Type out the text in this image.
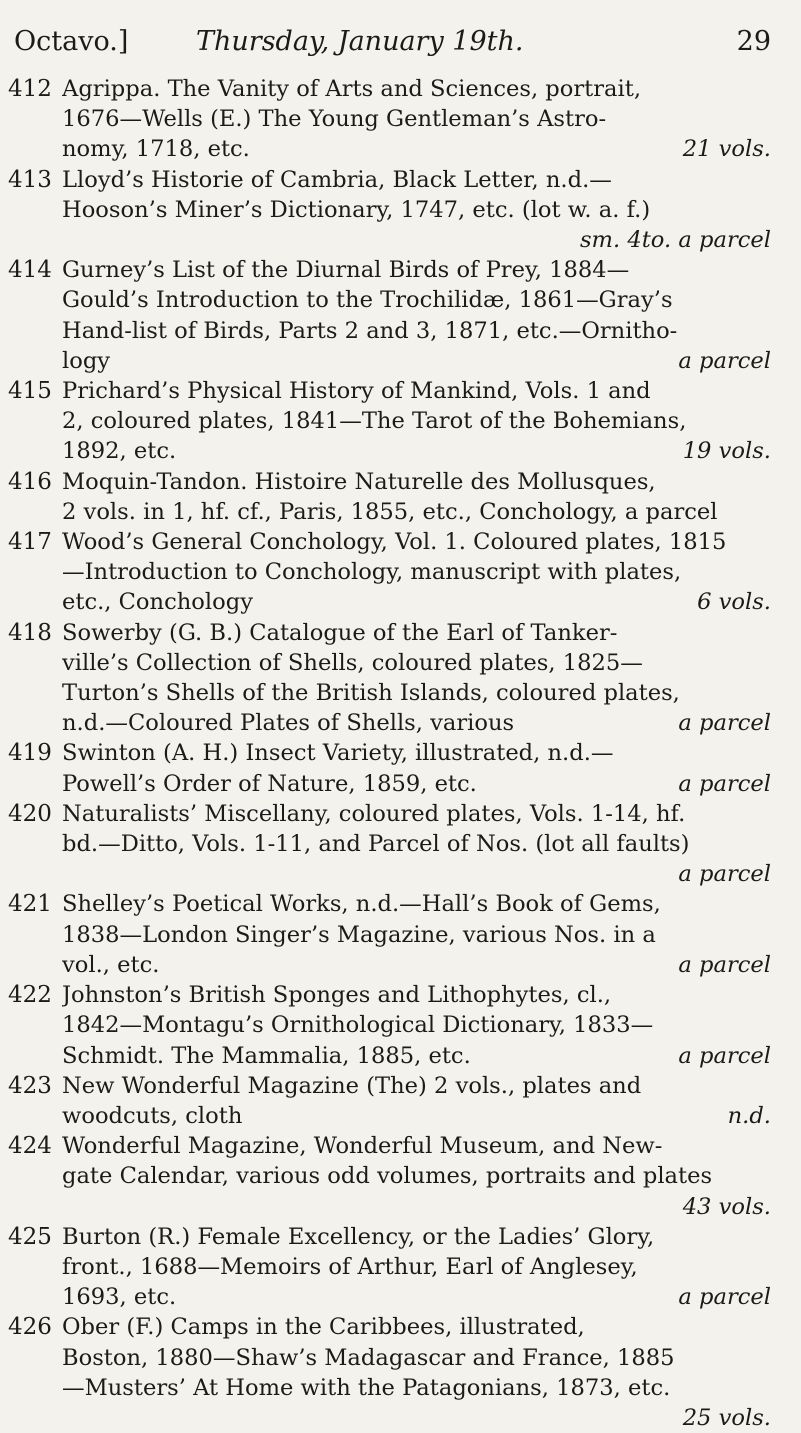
Octavo.]	Thursday, January 19th.	29
412 Agrippa. The Vanity of Arts and Sciences, portrait,
1676—Wells (E.) The Young Gentleman’s Astro-
nomy, 1718, etc.	21 vols.
413 Lloyd’s Historie of Cambria, Black Letter, n.d.—
Hooson’s Miner’s Dictionary, 1747, etc. (lot w. a. f.)
sm. 4to. a parcel
414 Gurney’s List of the Diurnal Birds of Prey, 1884—
Gould’s Introduction to the Trochilidæ, 1861—Gray’s
Hand-list of Birds, Parts 2 and 3, 1871, etc.—Ornitho-
logy	a parcel
415 Prichard’s Physical History of Mankind, Vols. 1 and
2, coloured plates, 1841—The Tarot of the Bohemians,
1892, etc.	19 vols.
416 Moquin-Tandon. Histoire Naturelle des Mollusques,
2 vols. in 1, hf. cf., Paris, 1855, etc., Conchology, a parcel
417 Wood’s General Conchology, Vol. 1. Coloured plates, 1815
—Introduction to Conchology, manuscript with plates,
etc., Conchology	6 vols.
418 Sowerby (G. B.) Catalogue of the Earl of Tanker-
ville’s Collection of Shells, coloured plates, 1825—
Turton’s Shells of the British Islands, coloured plates,
n.d.—Coloured Plates of Shells, various	a parcel
419 Swinton (A. H.) Insect Variety, illustrated, n.d.—
Powell’s Order of Nature, 1859, etc.	a parcel
420 Naturalists’ Miscellany, coloured plates, Vols. 1-14, hf.
bd.—Ditto, Vols. 1-11, and Parcel of Nos. (lot all faults)
a parcel
421 Shelley’s Poetical Works, n.d.—Hall’s Book of Gems,
1838—London Singer’s Magazine, various Nos. in a
vol., etc.	a parcel
422 Johnston’s British Sponges and Lithophytes, cl.,
1842—Montagu’s Ornithological Dictionary, 1833—
Schmidt. The Mammalia, 1885, etc.	a parcel
423 New Wonderful Magazine (The) 2 vols., plates and
woodcuts, cloth	n.d.
424 Wonderful Magazine, Wonderful Museum, and New-
gate Calendar, various odd volumes, portraits and plates
43 vols.
425 Burton (R.) Female Excellency, or the Ladies’ Glory,
front., 1688—Memoirs of Arthur, Earl of Anglesey,
1693, etc.	a parcel
426 Ober (F.) Camps in the Caribbees, illustrated,
Boston, 1880—Shaw’s Madagascar and France, 1885
—Musters’ At Home with the Patagonians, 1873, etc.
25 vols.
